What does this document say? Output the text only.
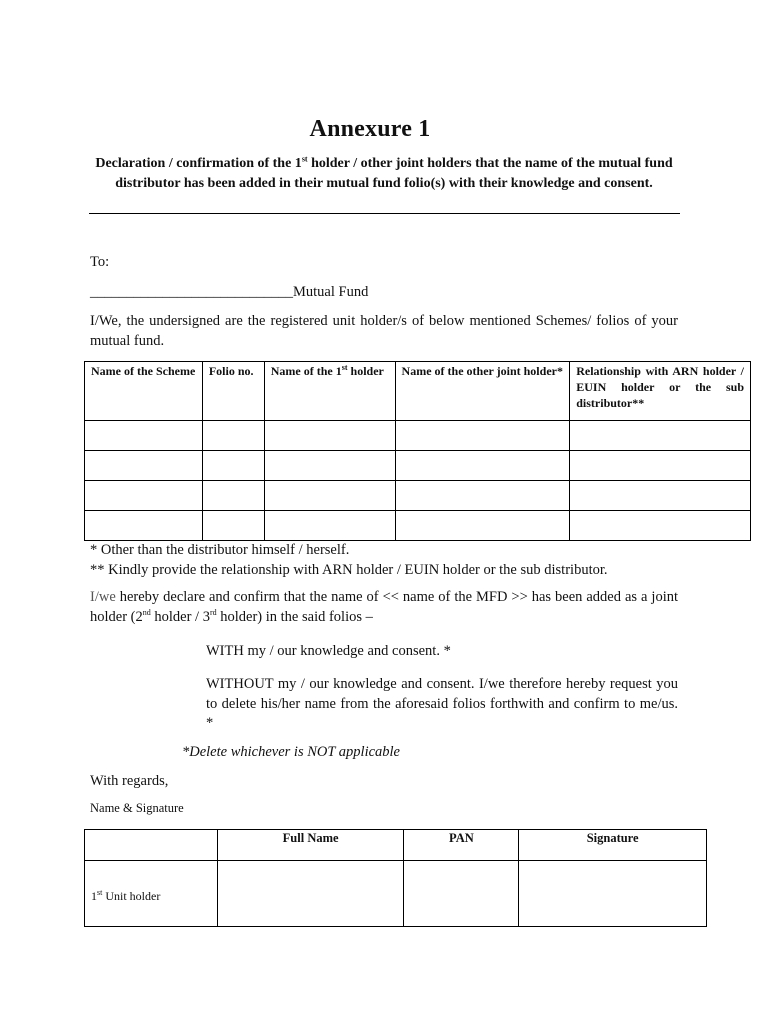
Annexure 1
Declaration / confirmation of the 1st holder / other joint holders that the name of the mutual fund distributor has been added in their mutual fund folio(s) with their knowledge and consent.
To:
____________________________Mutual Fund
I/We, the undersigned are the registered unit holder/s of below mentioned Schemes/ folios of your mutual fund.
Name of the Scheme	Folio no.	Name of the 1st holder	Name of the other joint holder*	Relationship with ARN holder / EUIN holder or the sub distributor**

* Other than the distributor himself / herself.
** Kindly provide the relationship with ARN holder / EUIN holder or the sub distributor.
I/we hereby declare and confirm that the name of << name of the MFD >> has been added as a joint holder (2nd holder / 3rd holder) in the said folios –
WITH my / our knowledge and consent. *
WITHOUT my / our knowledge and consent. I/we therefore hereby request you to delete his/her name from the aforesaid folios forthwith and confirm to me/us. *
*Delete whichever is NOT applicable
With regards,
Name & Signature
	Full Name	PAN	Signature
1st Unit holder			
